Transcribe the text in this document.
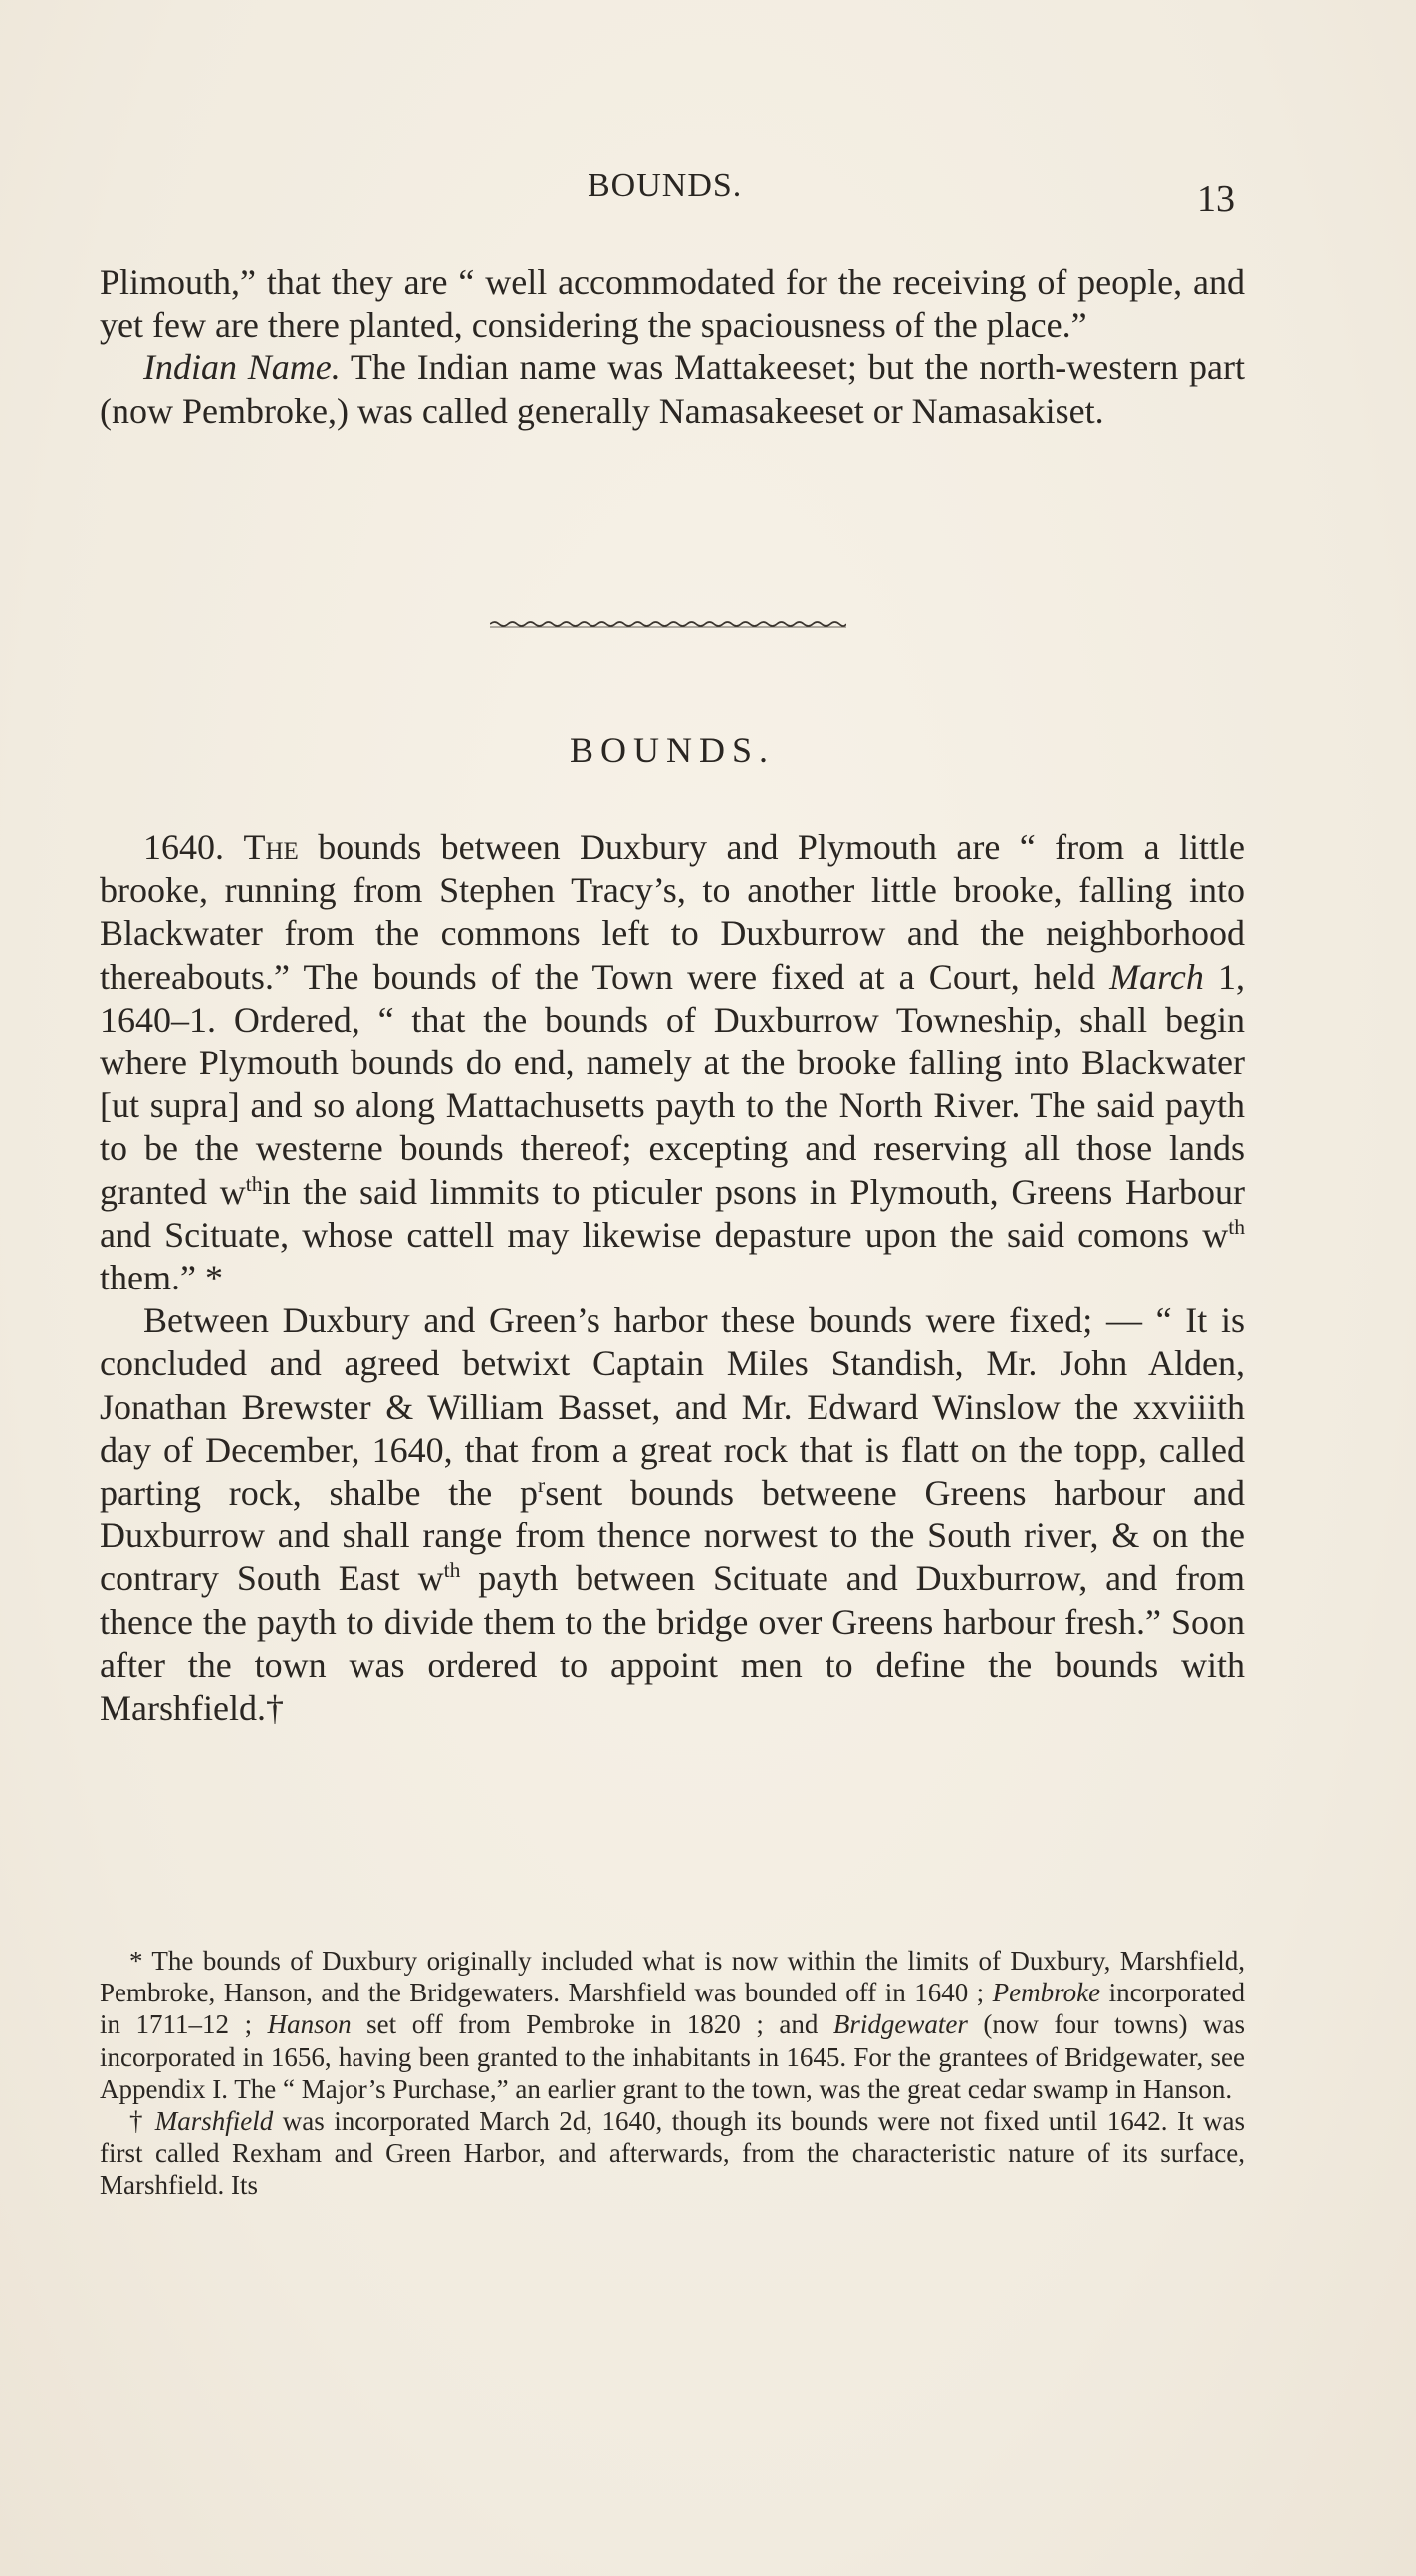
BOUNDS.	13

Plimouth,” that they are “ well accommodated for the receiving of people, and yet few are there planted, considering the spaciousness of the place.”

Indian Name. The Indian name was Mattakeeset; but the north-western part (now Pembroke,) was called generally Namasakeeset or Namasakiset.

BOUNDS.

1640. The bounds between Duxbury and Plymouth are “ from a little brooke, running from Stephen Tracy’s, to another little brooke, falling into Blackwater from the commons left to Duxburrow and the neighborhood thereabouts.” The bounds of the Town were fixed at a Court, held March 1, 1640–1. Ordered, “ that the bounds of Duxburrow Towneship, shall begin where Plymouth bounds do end, namely at the brooke falling into Blackwater [ut supra] and so along Mattachusetts payth to the North River. The said payth to be the westerne bounds thereof; excepting and reserving all those lands granted $w^{th}in$ the said limmits to pticuler psons in Plymouth, Greens Harbour and Scituate, whose cattell may likewise depasture upon the said comons $w^{th}$ them.” *

Between Duxbury and Green’s harbor these bounds were fixed; — “ It is concluded and agreed betwixt Captain Miles Standish, Mr. John Alden, Jonathan Brewster & William Basset, and Mr. Edward Winslow the xxviiith day of December, 1640, that from a great rock that is flatt on the topp, called parting rock, shalbe the $p^rsent$ bounds betweene Greens harbour and Duxburrow and shall range from thence norwest to the South river, & on the contrary South East $w^{th}$ payth between Scituate and Duxburrow, and from thence the payth to divide them to the bridge over Greens harbour fresh.” Soon after the town was ordered to appoint men to define the bounds with Marshfield.†

* The bounds of Duxbury originally included what is now within the limits of Duxbury, Marshfield, Pembroke, Hanson, and the Bridgewaters. Marshfield was bounded off in 1640 ; Pembroke incorporated in 1711–12 ; Hanson set off from Pembroke in 1820 ; and Bridgewater (now four towns) was incorporated in 1656, having been granted to the inhabitants in 1645. For the grantees of Bridgewater, see Appendix I. The “ Major’s Purchase,” an earlier grant to the town, was the great cedar swamp in Hanson.

† Marshfield was incorporated March 2d, 1640, though its bounds were not fixed until 1642. It was first called Rexham and Green Harbor, and afterwards, from the characteristic nature of its surface, Marshfield. Its
